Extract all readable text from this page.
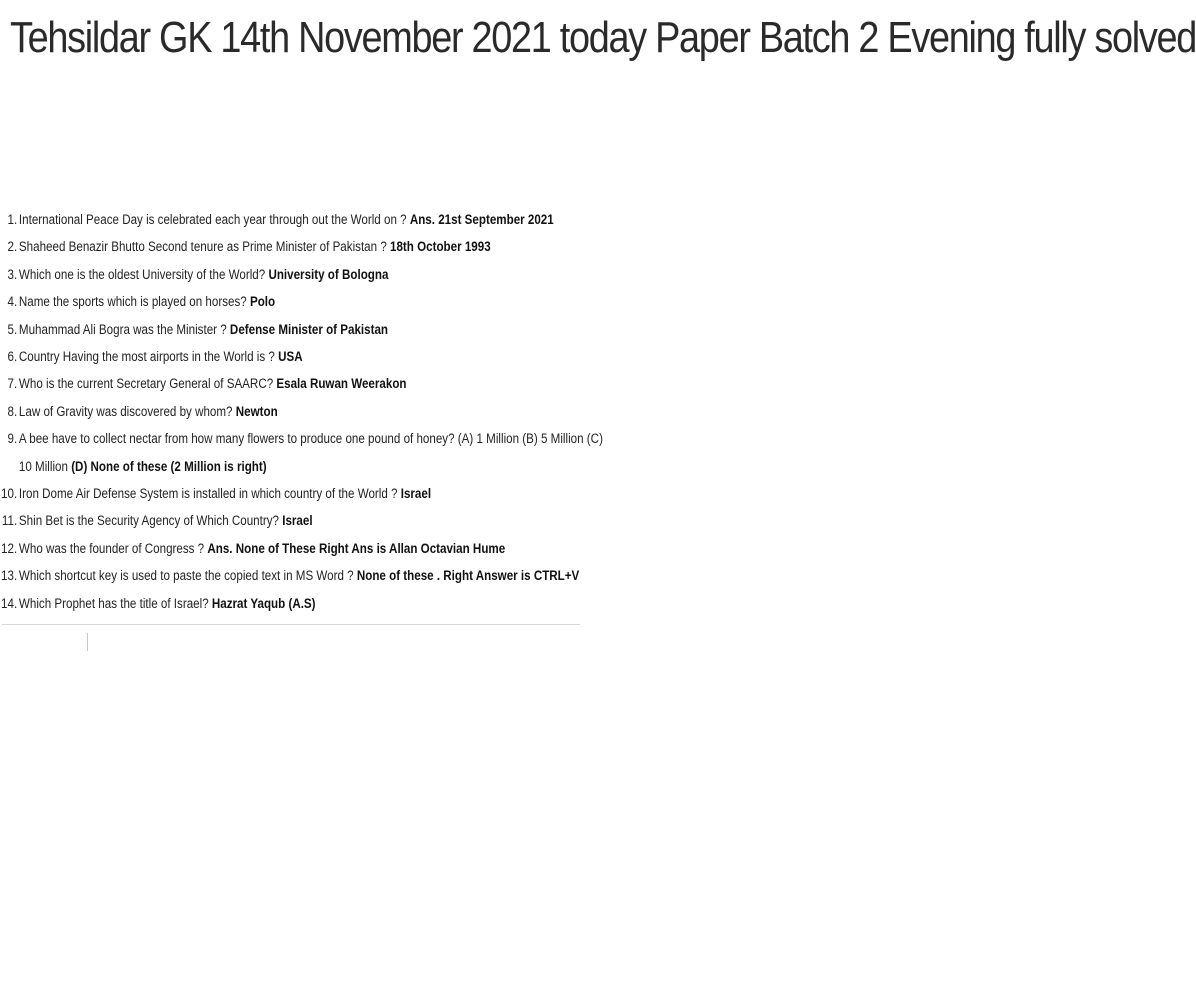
Tehsildar GK 14th November 2021 today Paper Batch 2 Evening fully solved
1. International Peace Day is celebrated each year through out the World on ? Ans. 21st September 2021
2. Shaheed Benazir Bhutto Second tenure as Prime Minister of Pakistan ? 18th October 1993
3. Which one is the oldest University of the World? University of Bologna
4. Name the sports which is played on horses? Polo
5. Muhammad Ali Bogra was the Minister ? Defense Minister of Pakistan
6. Country Having the most airports in the World is ? USA
7. Who is the current Secretary General of SAARC? Esala Ruwan Weerakon
8. Law of Gravity was discovered by whom? Newton
9. A bee have to collect nectar from how many flowers to produce one pound of honey? (A) 1 Million (B) 5 Million (C) 10 Million (D) None of these (2 Million is right)
10. Iron Dome Air Defense System is installed in which country of the World ? Israel
11. Shin Bet is the Security Agency of Which Country? Israel
12. Who was the founder of Congress ? Ans. None of These Right Ans is Allan Octavian Hume
13. Which shortcut key is used to paste the copied text in MS Word ? None of these . Right Answer is CTRL+V
14. Which Prophet has the title of Israel? Hazrat Yaqub (A.S)
